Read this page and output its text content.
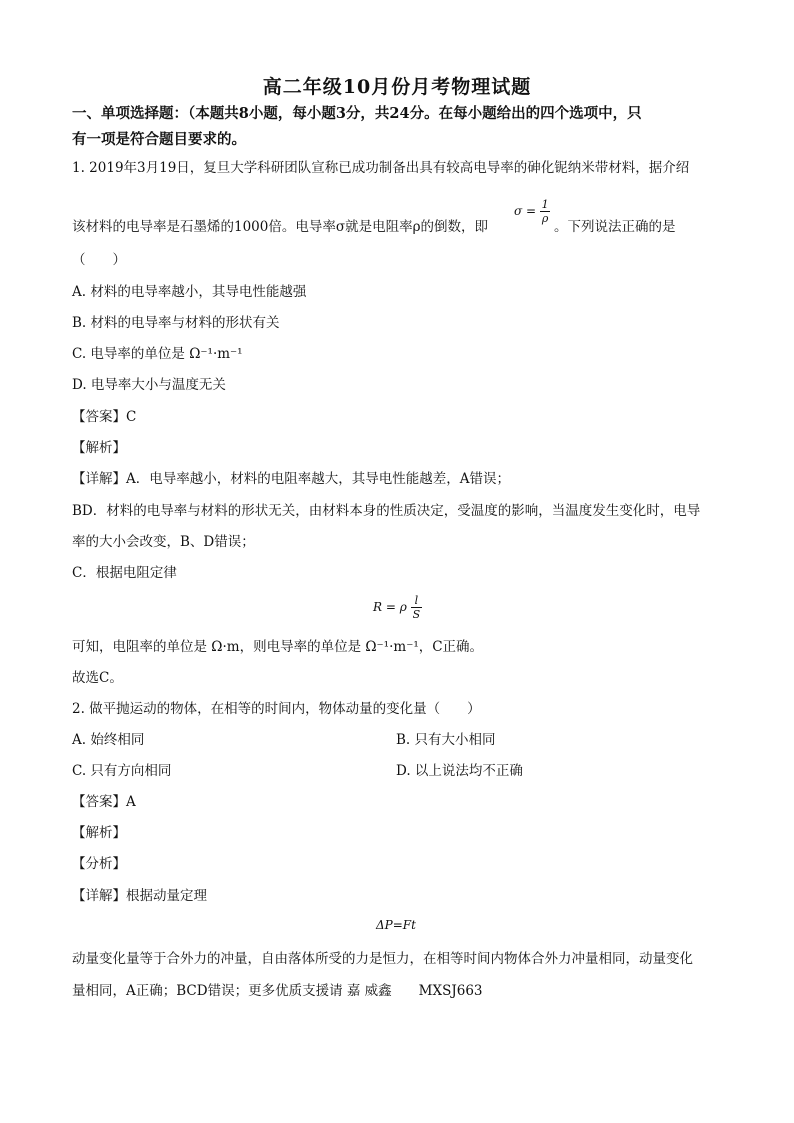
高二年级10月份月考物理试题
一、单项选择题：（本题共8小题，每小题3分，共24分。在每小题给出的四个选项中，只
有一项是符合题目要求的。
1. 2019年3月19日，复旦大学科研团队宣称已成功制备出具有较高电导率的砷化铌纳米带材料，据介绍
该材料的电导率是石墨烯的1000倍。电导率σ就是电阻率ρ的倒数，即
$\sigma = \frac{1}{\rho}$
。下列说法正确的是
（　　）
A. 材料的电导率越小，其导电性能越强
B. 材料的电导率与材料的形状有关
C. 电导率的单位是 Ω⁻¹·m⁻¹
D. 电导率大小与温度无关
【答案】C
【解析】
【详解】A．电导率越小，材料的电阻率越大，其导电性能越差，A错误；
BD．材料的电导率与材料的形状无关，由材料本身的性质决定，受温度的影响，当温度发生变化时，电导
率的大小会改变，B、D错误；
C．根据电阻定律
R = ρ $\frac{l}{S}$
可知，电阻率的单位是 Ω·m，则电导率的单位是 Ω⁻¹·m⁻¹，C正确。
故选C。
2. 做平抛运动的物体，在相等的时间内，物体动量的变化量（　　）
A. 始终相同	B. 只有大小相同
C. 只有方向相同	D. 以上说法均不正确
【答案】A
【解析】
【分析】
【详解】根据动量定理
ΔP=Ft
动量变化量等于合外力的冲量，自由落体所受的力是恒力，在相等时间内物体合外力冲量相同，动量变化
量相同，A正确；BCD错误；更多优质支援请 嘉 威鑫　　MXSJ663
